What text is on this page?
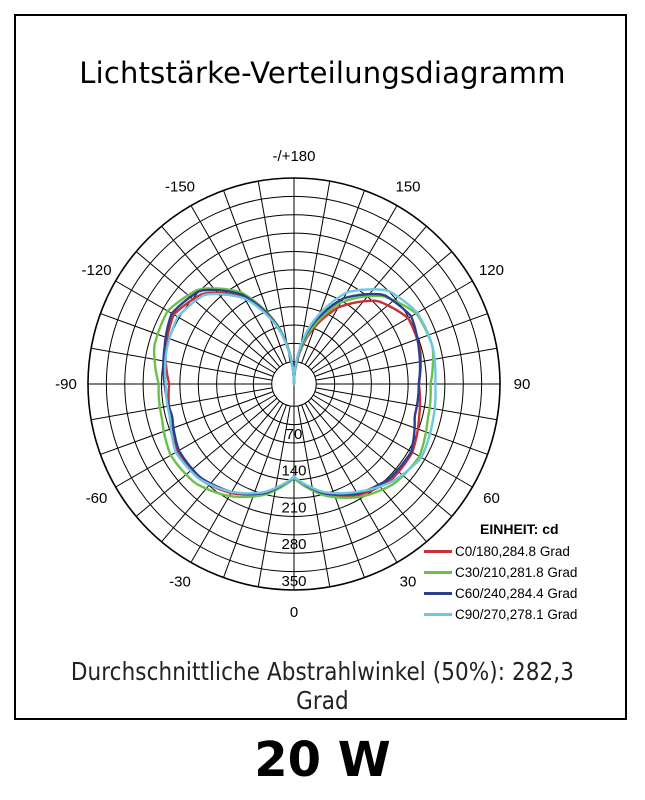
Lichtstärke-Verteilungsdiagramm
0
30
60
90
120
150
-/+180
-150
-120
-90
-60
-30
70
140
210
280
350
EINHEIT: cd
C0/180,284.8 Grad
C30/210,281.8 Grad
C60/240,284.4 Grad
C90/270,278.1 Grad
Durchschnittliche Abstrahlwinkel (50%): 282,3 Grad
20 W
